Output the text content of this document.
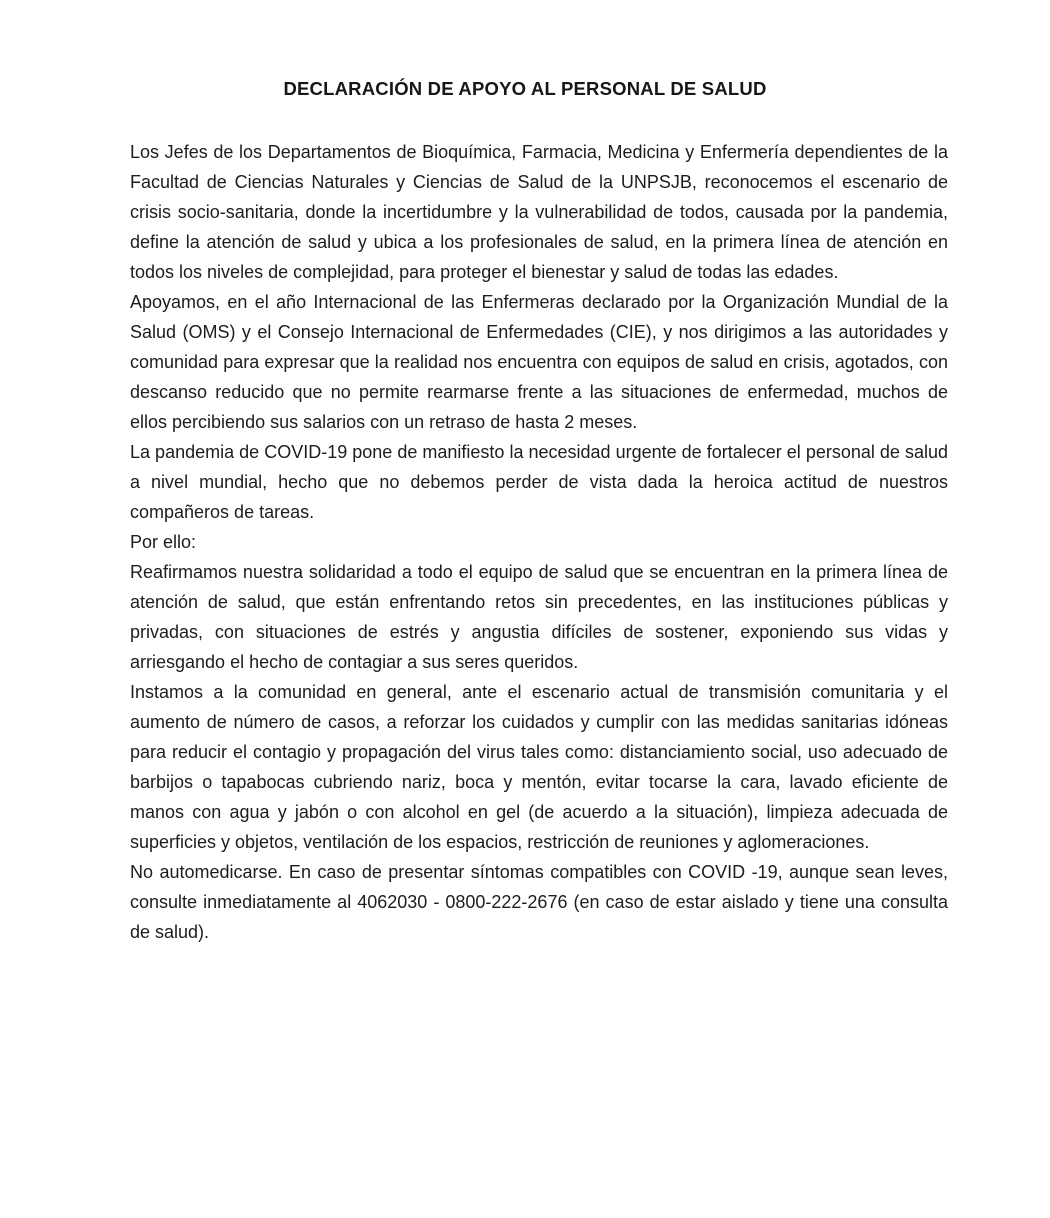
DECLARACIÓN DE APOYO AL PERSONAL DE SALUD

Los Jefes de los Departamentos de Bioquímica, Farmacia, Medicina y Enfermería dependientes de la Facultad de Ciencias Naturales y Ciencias de Salud de la UNPSJB, reconocemos el escenario de crisis socio-sanitaria, donde la incertidumbre y la vulnerabilidad de todos, causada por la pandemia, define la atención de salud y ubica a los profesionales de salud, en la primera línea de atención en todos los niveles de complejidad, para proteger el bienestar y salud de todas las edades.

Apoyamos, en el año Internacional de las Enfermeras declarado por la Organización Mundial de la Salud (OMS) y el Consejo Internacional de Enfermedades (CIE), y nos dirigimos a las autoridades y comunidad para expresar que la realidad nos encuentra con equipos de salud en crisis, agotados, con descanso reducido que no permite rearmarse frente a las situaciones de enfermedad, muchos de ellos percibiendo sus salarios con un retraso de hasta 2 meses.

La pandemia de COVID-19 pone de manifiesto la necesidad urgente de fortalecer el personal de salud a nivel mundial, hecho que no debemos perder de vista dada la heroica actitud de nuestros compañeros de tareas.

Por ello:

Reafirmamos nuestra solidaridad a todo el equipo de salud que se encuentran en la primera línea de atención de salud, que están enfrentando retos sin precedentes, en las instituciones públicas y privadas, con situaciones de estrés y angustia difíciles de sostener, exponiendo sus vidas y arriesgando el hecho de contagiar a sus seres queridos.

Instamos a la comunidad en general, ante el escenario actual de transmisión comunitaria y el aumento de número de casos, a reforzar los cuidados y cumplir con las medidas sanitarias idóneas para reducir el contagio y propagación del virus tales como: distanciamiento social, uso adecuado de barbijos o tapabocas cubriendo nariz, boca y mentón, evitar tocarse la cara, lavado eficiente de manos con agua y jabón o con alcohol en gel (de acuerdo a la situación), limpieza adecuada de superficies y objetos, ventilación de los espacios, restricción de reuniones y aglomeraciones.

No automedicarse. En caso de presentar síntomas compatibles con COVID -19, aunque sean leves, consulte inmediatamente al 4062030 - 0800-222-2676 (en caso de estar aislado y tiene una consulta de salud).
